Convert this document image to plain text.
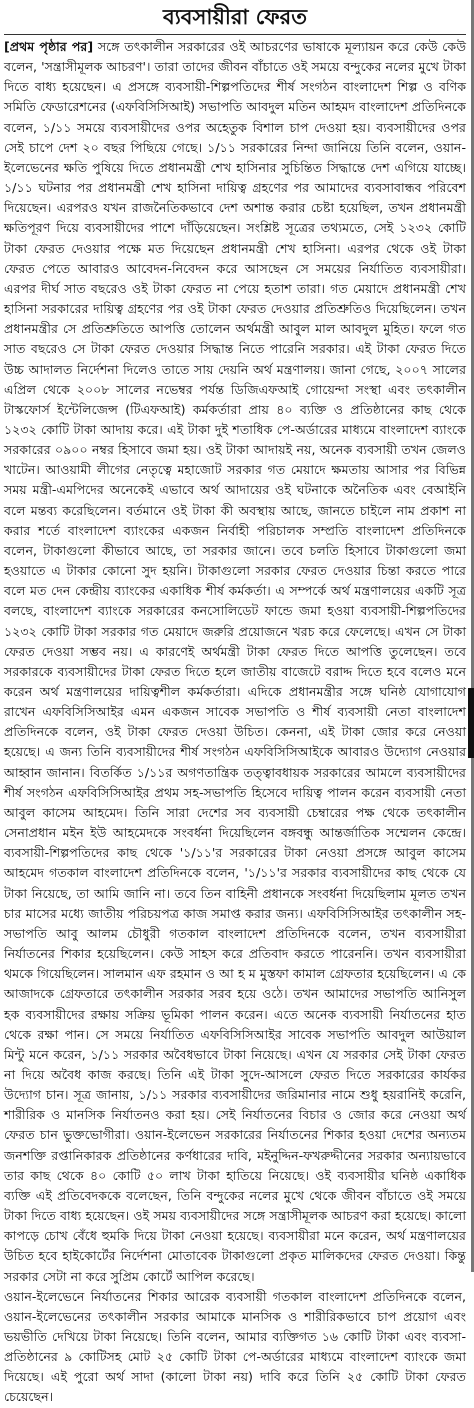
ব্যবসায়ীরা ফেরত
[প্রথম পৃষ্ঠার পর] সঙ্গে তৎকালীন সরকারের ওই আচরণের ভাষাকে মূল্যায়ন করে কেউ কেউ বলেন, 'সন্ত্রাসীমূলক আচরণ'। তারা তাদের জীবন বাঁচাতে ওই সময়ে বন্দুকের নলের মুখে টাকা দিতে বাধ্য হয়েছেন। এ প্রসঙ্গে ব্যবসায়ী-শিল্পপতিদের শীর্ষ সংগঠন বাংলাদেশ শিল্প ও বণিক সমিতি ফেডারেশনের (এফবিসিসিআই) সভাপতি আবদুল মতিন আহমদ বাংলাদেশ প্রতিদিনকে বলেন, ১/১১ সময়ে ব্যবসায়ীদের ওপর অহেতুক বিশাল চাপ দেওয়া হয়। ব্যবসায়ীদের ওপর সেই চাপে দেশ ২০ বছর পিছিয়ে গেছে। ১/১১ সরকারের নিন্দা জানিয়ে তিনি বলেন, ওয়ান-ইলেভেনের ক্ষতি পুষিয়ে দিতে প্রধানমন্ত্রী শেখ হাসিনার সুচিন্তিত সিদ্ধান্তে দেশ এগিয়ে যাচ্ছে। ১/১১ ঘটনার পর প্রধানমন্ত্রী শেখ হাসিনা দায়িত্ব গ্রহণের পর আমাদের ব্যবসাবান্ধব পরিবেশ দিয়েছেন। এরপরও যখন রাজনৈতিকভাবে দেশ অশান্ত করার চেষ্টা হয়েছিল, তখন প্রধানমন্ত্রী ক্ষতিপূরণ দিয়ে ব্যবসায়ীদের পাশে দাঁড়িয়েছেন। সংশ্লিষ্ট সূত্রের তথ্যমতে, সেই ১২৩২ কোটি টাকা ফেরত দেওয়ার পক্ষে মত দিয়েছেন প্রধানমন্ত্রী শেখ হাসিনা। এরপর থেকে ওই টাকা ফেরত পেতে আবারও আবেদন-নিবেদন করে আসছেন সে সময়ের নির্যাতিত ব্যবসায়ীরা। এরপর দীর্ঘ সাত বছরেও ওই টাকা ফেরত না পেয়ে হতাশ তারা। গত মেয়াদে প্রধানমন্ত্রী শেখ হাসিনা সরকারের দায়িত্ব গ্রহণের পর ওই টাকা ফেরত দেওয়ার প্রতিশ্রুতিও দিয়েছিলেন। তখন প্রধানমন্ত্রীর সে প্রতিশ্রুতিতে আপত্তি তোলেন অর্থমন্ত্রী আবুল মাল আবদুল মুহিত। ফলে গত সাত বছরেও সে টাকা ফেরত দেওয়ার সিদ্ধান্ত নিতে পারেনি সরকার। এই টাকা ফেরত দিতে উচ্চ আদালত নির্দেশনা দিলেও তাতে সায় দেয়নি অর্থ মন্ত্রণালয়। জানা গেছে, ২০০৭ সালের এপ্রিল থেকে ২০০৮ সালের নভেম্বর পর্যন্ত ডিজিএফআই গোয়েন্দা সংস্থা এবং তৎকালীন টাস্কফোর্স ইন্টেলিজেন্স (টিএফআই) কর্মকর্তারা প্রায় ৪০ ব্যক্তি ও প্রতিষ্ঠানের কাছ থেকে ১২৩২ কোটি টাকা আদায় করে। এই টাকা দুই শতাধিক পে-অর্ডারের মাধ্যমে বাংলাদেশ ব্যাংকে সরকারের ০৯০০ নম্বর হিসাবে জমা হয়। ওই টাকা আদায়ই নয়, অনেক ব্যবসায়ী তখন জেলও খাটেন। আওয়ামী লীগের নেতৃত্বে মহাজোট সরকার গত মেয়াদে ক্ষমতায় আসার পর বিভিন্ন সময় মন্ত্রী-এমপিদের অনেকেই এভাবে অর্থ আদায়ের ওই ঘটনাকে অনৈতিক এবং বেআইনি বলে মন্তব্য করেছিলেন। বর্তমানে ওই টাকা কী অবস্থায় আছে, জানতে চাইলে নাম প্রকাশ না করার শর্তে বাংলাদেশ ব্যাংকের একজন নির্বাহী পরিচালক সম্প্রতি বাংলাদেশ প্রতিদিনকে বলেন, টাকাগুলো কীভাবে আছে, তা সরকার জানে। তবে চলতি হিসাবে টাকাগুলো জমা হওয়াতে এ টাকার কোনো সুদ হয়নি। টাকাগুলো সরকার ফেরত দেওয়ার চিন্তা করতে পারে বলে মত দেন কেন্দ্রীয় ব্যাংকের একাধিক শীর্ষ কর্মকর্তা। এ সম্পর্কে অর্থ মন্ত্রণালয়ের একটি সূত্র বলছে, বাংলাদেশ ব্যাংকে সরকারের কনসোলিডেট ফান্ডে জমা হওয়া ব্যবসায়ী-শিল্পপতিদের ১২৩২ কোটি টাকা সরকার গত মেয়াদে জরুরি প্রয়োজনে খরচ করে ফেলেছে। এখন সে টাকা ফেরত দেওয়া সম্ভব নয়। এ কারণেই অর্থমন্ত্রী টাকা ফেরত দিতে আপত্তি তুলেছেন। তবে সরকারকে ব্যবসায়ীদের টাকা ফেরত দিতে হলে জাতীয় বাজেটে বরাদ্দ দিতে হবে বলেও মনে করেন অর্থ মন্ত্রণালয়ের দায়িত্বশীল কর্মকর্তারা। এদিকে প্রধানমন্ত্রীর সঙ্গে ঘনিষ্ঠ যোগাযোগ রাখেন এফবিসিসিআইর এমন একজন সাবেক সভাপতি ও শীর্ষ ব্যবসায়ী নেতা বাংলাদেশ প্রতিদিনকে বলেন, ওই টাকা ফেরত দেওয়া উচিত। কেননা, এই টাকা জোর করে নেওয়া হয়েছে। এ জন্য তিনি ব্যবসায়ীদের শীর্ষ সংগঠন এফবিসিসিআইকে আবারও উদ্যোগ নেওয়ার আহ্বান জানান। বিতর্কিত ১/১১র অগণতান্ত্রিক তত্ত্বাবধায়ক সরকারের আমলে ব্যবসায়ীদের শীর্ষ সংগঠন এফবিসিসিআইর প্রথম সহ-সভাপতি হিসেবে দায়িত্ব পালন করেন ব্যবসায়ী নেতা আবুল কাসেম আহমেদ। তিনি সারা দেশের সব ব্যবসায়ী চেম্বারের পক্ষ থেকে তৎকালীন সেনাপ্রধান মইন ইউ আহমেদকে সংবর্ধনা দিয়েছিলেন বঙ্গবন্ধু আন্তর্জাতিক সম্মেলন কেন্দ্রে। ব্যবসায়ী-শিল্পপতিদের কাছ থেকে '১/১১'র সরকারের টাকা নেওয়া প্রসঙ্গে আবুল কাসেম আহমেদ গতকাল বাংলাদেশ প্রতিদিনকে বলেন, '১/১১'র সরকার ব্যবসায়ীদের কাছ থেকে যে টাকা নিয়েছে, তা আমি জানি না। তবে তিন বাহিনী প্রধানকে সংবর্ধনা দিয়েছিলাম মূলত তখন চার মাসের মধ্যে জাতীয় পরিচয়পত্র কাজ সমাপ্ত করার জন্য। এফবিসিসিআইর তৎকালীন সহ-সভাপতি আবু আলম চৌধুরী গতকাল বাংলাদেশ প্রতিদিনকে বলেন, তখন ব্যবসায়ীরা নির্যাতনের শিকার হয়েছিলেন। কেউ সাহস করে প্রতিবাদ করতে পারেননি। তখন ব্যবসায়ীরা থমকে গিয়েছিলেন। সালমান এফ রহমান ও আ হ ম মুস্তফা কামাল গ্রেফতার হয়েছিলেন। এ কে আজাদকে গ্রেফতারে তৎকালীন সরকার সরব হয়ে ওঠে। তখন আমাদের সভাপতি আনিসুল হক ব্যবসায়ীদের রক্ষায় সক্রিয় ভূমিকা পালন করেন। এতে অনেক ব্যবসায়ী নির্যাতনের হাত থেকে রক্ষা পান। সে সময়ে নির্যাতিত এফবিসিসিআইর সাবেক সভাপতি আবদুল আউয়াল মিন্টু মনে করেন, ১/১১ সরকার অবৈধভাবে টাকা নিয়েছে। এখন যে সরকার সেই টাকা ফেরত না দিয়ে অবৈধ কাজ করছে। তিনি এই টাকা সুদে-আসলে ফেরত দিতে সরকারের কার্যকর উদ্যোগ চান। সূত্র জানায়, ১/১১ সরকার ব্যবসায়ীদের জরিমানার নামে শুধু হয়রানিই করেনি, শারীরিক ও মানসিক নির্যাতনও করা হয়। সেই নির্যাতনের বিচার ও জোর করে নেওয়া অর্থ ফেরত চান ভুক্তভোগীরা। ওয়ান-ইলেভেন সরকারের নির্যাতনের শিকার হওয়া দেশের অন্যতম জনশক্তি রপ্তানিকারক প্রতিষ্ঠানের কর্ণধারের দাবি, মইনুদ্দিন-ফখরুদ্দীনের সরকার অন্যায়ভাবে তার কাছ থেকে ৪০ কোটি ৫০ লাখ টাকা হাতিয়ে নিয়েছে। ওই ব্যবসায়ীর ঘনিষ্ঠ একাধিক ব্যক্তি এই প্রতিবেদককে বলেছেন, তিনি বন্দুকের নলের মুখে থেকে জীবন বাঁচাতে ওই সময়ে টাকা দিতে বাধ্য হয়েছেন। ওই সময় ব্যবসায়ীদের সঙ্গে সন্ত্রাসীমূলক আচরণ করা হয়েছে। কালো কাপড়ে চোখ বেঁধে হুমকি দিয়ে টাকা নেওয়া হয়েছে। ব্যবসায়ীরা মনে করেন, অর্থ মন্ত্রণালয়ের উচিত হবে হাইকোর্টের নির্দেশনা মোতাবেক টাকাগুলো প্রকৃত মালিকদের ফেরত দেওয়া। কিন্তু সরকার সেটা না করে সুপ্রিম কোর্টে আপিল করেছে।
ওয়ান-ইলেভেনে নির্যাতনের শিকার আরেক ব্যবসায়ী গতকাল বাংলাদেশ প্রতিদিনকে বলেন, ওয়ান-ইলেভেনের তৎকালীন সরকার আমাকে মানসিক ও শারীরিকভাবে চাপ প্রয়োগ এবং ভয়ভীতি দেখিয়ে টাকা নিয়েছে। তিনি বলেন, আমার ব্যক্তিগত ১৬ কোটি টাকা এবং ব্যবসা-প্রতিষ্ঠানের ৯ কোটিসহ মোট ২৫ কোটি টাকা পে-অর্ডারের মাধ্যমে বাংলাদেশ ব্যাংকে জমা দিয়েছে। এই পুরো অর্থ সাদা (কালো টাকা নয়) দাবি করে তিনি ২৫ কোটি টাকা ফেরত চেয়েছেন।
